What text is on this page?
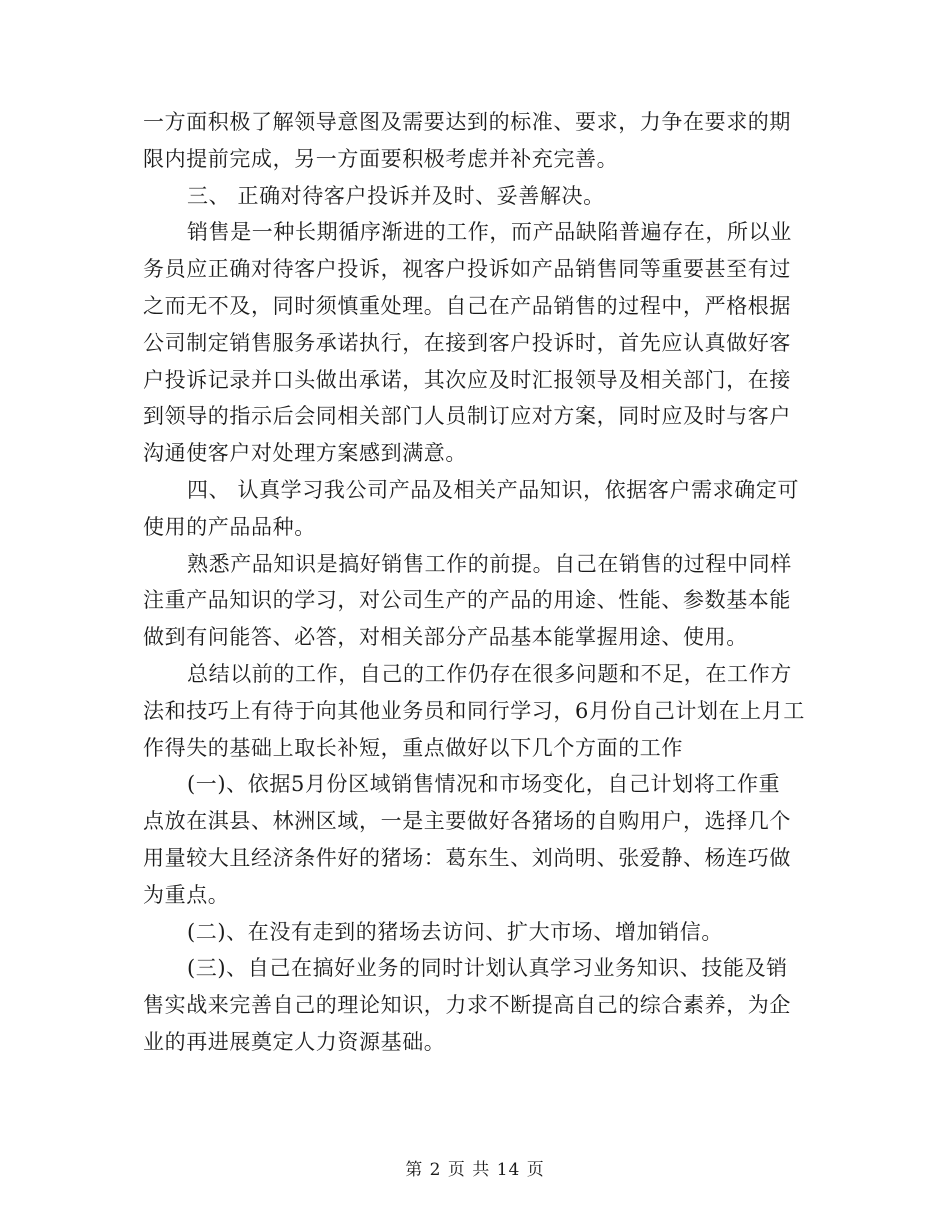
一方面积极了解领导意图及需要达到的标准、要求，力争在要求的期
限内提前完成，另一方面要积极考虑并补充完善。
三、 正确对待客户投诉并及时、妥善解决。
销售是一种长期循序渐进的工作，而产品缺陷普遍存在，所以业
务员应正确对待客户投诉，视客户投诉如产品销售同等重要甚至有过
之而无不及，同时须慎重处理。自己在产品销售的过程中，严格根据
公司制定销售服务承诺执行，在接到客户投诉时，首先应认真做好客
户投诉记录并口头做出承诺，其次应及时汇报领导及相关部门，在接
到领导的指示后会同相关部门人员制订应对方案，同时应及时与客户
沟通使客户对处理方案感到满意。
四、 认真学习我公司产品及相关产品知识，依据客户需求确定可
使用的产品品种。
熟悉产品知识是搞好销售工作的前提。自己在销售的过程中同样
注重产品知识的学习，对公司生产的产品的用途、性能、参数基本能
做到有问能答、必答，对相关部分产品基本能掌握用途、使用。
总结以前的工作，自己的工作仍存在很多问题和不足，在工作方
法和技巧上有待于向其他业务员和同行学习，6月份自己计划在上月工
作得失的基础上取长补短，重点做好以下几个方面的工作
(一)、依据5月份区域销售情况和市场变化，自己计划将工作重
点放在淇县、林洲区域，一是主要做好各猪场的自购用户，选择几个
用量较大且经济条件好的猪场：葛东生、刘尚明、张爱静、杨连巧做
为重点。
(二)、在没有走到的猪场去访问、扩大市场、增加销信。
(三)、自己在搞好业务的同时计划认真学习业务知识、技能及销
售实战来完善自己的理论知识，力求不断提高自己的综合素养，为企
业的再进展奠定人力资源基础。
第 2 页 共 14 页
